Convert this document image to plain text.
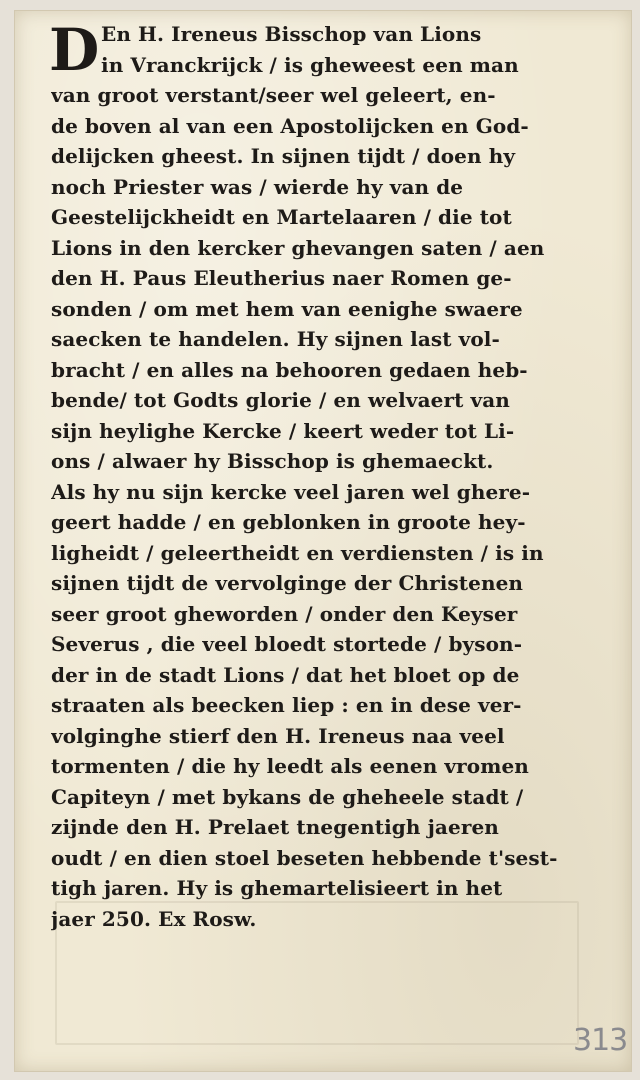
D En H. Ireneus Bisschop van Lions
in Vranckrijck / is gheweest een man
van groot verstant/seer wel geleert, en-
de boven al van een Apostolijcken en God-
delijcken gheest. In sijnen tijdt / doen hy
noch Priester was / wierde hy van de
Geestelijckheidt en Martelaaren / die tot
Lions in den kercker ghevangen saten / aen
den H. Paus Eleutherius naer Romen ge-
sonden / om met hem van eenighe swaere
saecken te handelen. Hy sijnen last vol-
bracht / en alles na behooren gedaen heb-
bende/ tot Godts glorie / en welvaert van
sijn heylighe Kercke / keert weder tot Li-
ons / alwaer hy Bisschop is ghemaeckt.
Als hy nu sijn kercke veel jaren wel ghere-
geert hadde / en geblonken in groote hey-
ligheidt / geleertheidt en verdiensten / is in
sijnen tijdt de vervolginge der Christenen
seer groot gheworden / onder den Keyser
Severus , die veel bloedt stortede / byson-
der in de stadt Lions / dat het bloet op de
straaten als beecken liep : en in dese ver-
volginghe stierf den H. Ireneus naa veel
tormenten / die hy leedt als eenen vromen
Capiteyn / met bykans de gheheele stadt /
zijnde den H. Prelaet tnegentigh jaeren
oudt / en dien stoel beseten hebbende t'sest-
tigh jaren. Hy is ghemartelisieert in het
jaer 250. Ex Rosw.
313
